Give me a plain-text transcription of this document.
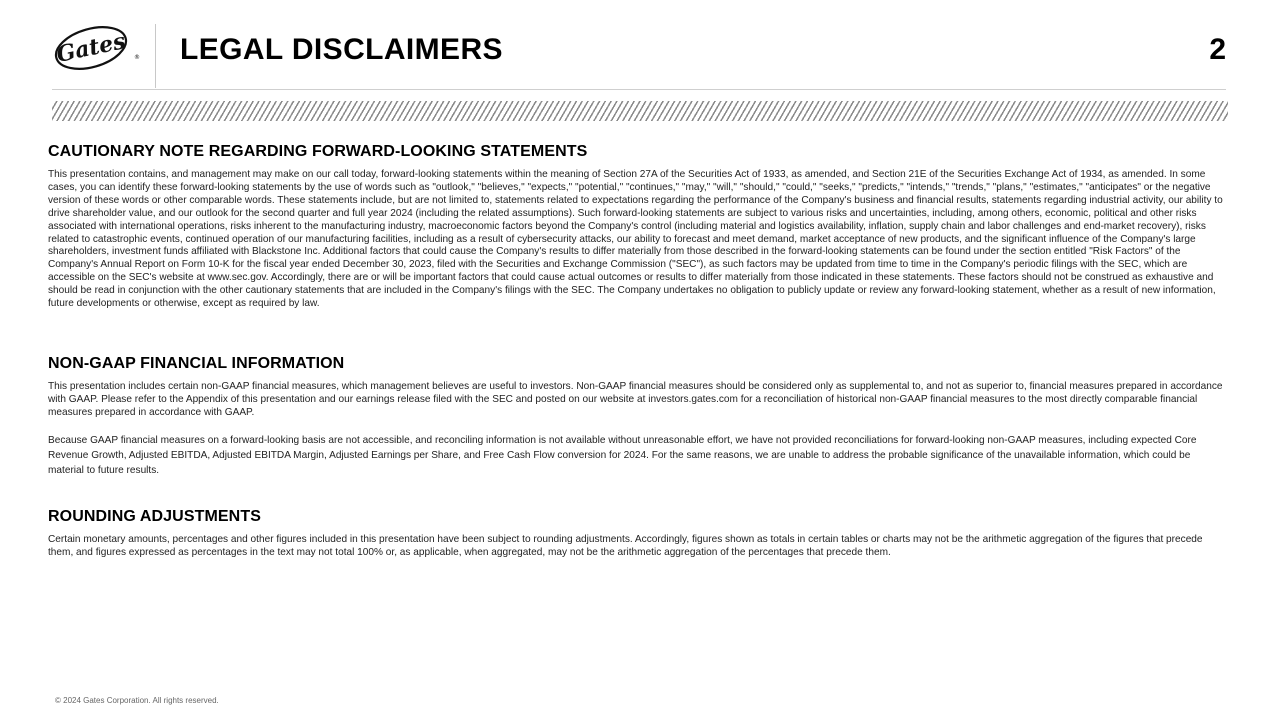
Gates ® LEGAL DISCLAIMERS	2
CAUTIONARY NOTE REGARDING FORWARD-LOOKING STATEMENTS

This presentation contains, and management may make on our call today, forward-looking statements within the meaning of Section 27A of the Securities Act of 1933, as amended, and Section 21E of the Securities Exchange Act of 1934, as amended. In some cases, you can identify these forward-looking statements by the use of words such as "outlook," "believes," "expects," "potential," "continues," "may," "will," "should," "could," "seeks," "predicts," "intends," "trends," "plans," "estimates," "anticipates" or the negative version of these words or other comparable words. These statements include, but are not limited to, statements related to expectations regarding the performance of the Company's business and financial results, statements regarding industrial activity, our ability to drive shareholder value, and our outlook for the second quarter and full year 2024 (including the related assumptions). Such forward-looking statements are subject to various risks and uncertainties, including, among others, economic, political and other risks associated with international operations, risks inherent to the manufacturing industry, macroeconomic factors beyond the Company's control (including material and logistics availability, inflation, supply chain and labor challenges and end-market recovery), risks related to catastrophic events, continued operation of our manufacturing facilities, including as a result of cybersecurity attacks, our ability to forecast and meet demand, market acceptance of new products, and the significant influence of the Company's large shareholders, investment funds affiliated with Blackstone Inc. Additional factors that could cause the Company's results to differ materially from those described in the forward-looking statements can be found under the section entitled "Risk Factors" of the Company's Annual Report on Form 10-K for the fiscal year ended December 30, 2023, filed with the Securities and Exchange Commission ("SEC"), as such factors may be updated from time to time in the Company's periodic filings with the SEC, which are accessible on the SEC's website at www.sec.gov. Accordingly, there are or will be important factors that could cause actual outcomes or results to differ materially from those indicated in these statements. These factors should not be construed as exhaustive and should be read in conjunction with the other cautionary statements that are included in the Company's filings with the SEC. The Company undertakes no obligation to publicly update or review any forward-looking statement, whether as a result of new information, future developments or otherwise, except as required by law.

NON-GAAP FINANCIAL INFORMATION

This presentation includes certain non-GAAP financial measures, which management believes are useful to investors. Non-GAAP financial measures should be considered only as supplemental to, and not as superior to, financial measures prepared in accordance with GAAP. Please refer to the Appendix of this presentation and our earnings release filed with the SEC and posted on our website at investors.gates.com for a reconciliation of historical non-GAAP financial measures to the most directly comparable financial measures prepared in accordance with GAAP.

Because GAAP financial measures on a forward-looking basis are not accessible, and reconciling information is not available without unreasonable effort, we have not provided reconciliations for forward-looking non-GAAP measures, including expected Core Revenue Growth, Adjusted EBITDA, Adjusted EBITDA Margin, Adjusted Earnings per Share, and Free Cash Flow conversion for 2024. For the same reasons, we are unable to address the probable significance of the unavailable information, which could be material to future results.

ROUNDING ADJUSTMENTS

Certain monetary amounts, percentages and other figures included in this presentation have been subject to rounding adjustments. Accordingly, figures shown as totals in certain tables or charts may not be the arithmetic aggregation of the figures that precede them, and figures expressed as percentages in the text may not total 100% or, as applicable, when aggregated, may not be the arithmetic aggregation of the percentages that precede them.

© 2024 Gates Corporation. All rights reserved.
